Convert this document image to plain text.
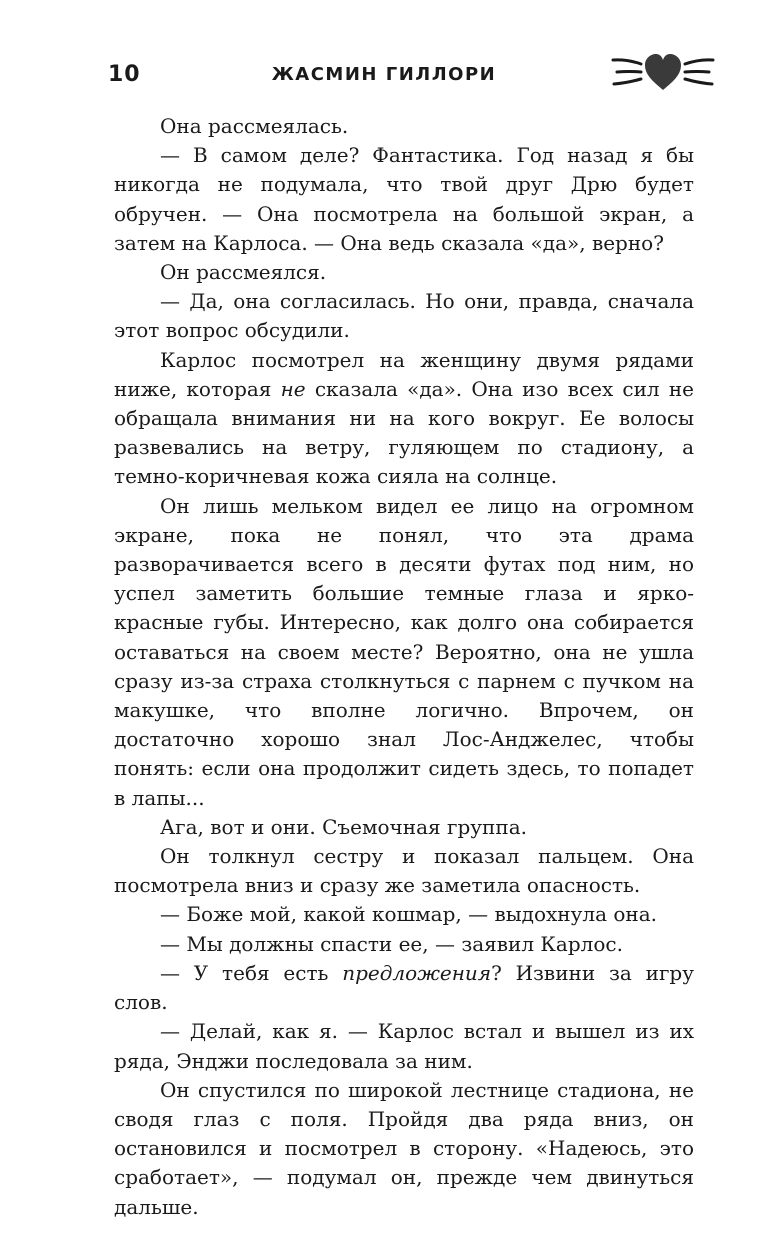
10	ЖАСМИН ГИЛЛОРИ

Она рассмеялась.

— В самом деле? Фантастика. Год назад я бы никогда не подумала, что твой друг Дрю будет обручен. — Она посмотрела на большой экран, а затем на Карлоса. — Она ведь сказала «да», верно?

Он рассмеялся.

— Да, она согласилась. Но они, правда, сначала этот вопрос обсудили.

Карлос посмотрел на женщину двумя рядами ниже, которая не сказала «да». Она изо всех сил не обращала внимания ни на кого вокруг. Ее волосы развевались на ветру, гуляющем по стадиону, а темно-коричневая кожа сияла на солнце.

Он лишь мельком видел ее лицо на огромном экране, пока не понял, что эта драма разворачивается всего в десяти футах под ним, но успел заметить большие темные глаза и ярко-красные губы. Интересно, как долго она собирается оставаться на своем месте? Вероятно, она не ушла сразу из-за страха столкнуться с парнем с пучком на макушке, что вполне логично. Впрочем, он достаточно хорошо знал Лос-Анджелес, чтобы понять: если она продолжит сидеть здесь, то попадет в лапы...

Ага, вот и они. Съемочная группа.

Он толкнул сестру и показал пальцем. Она посмотрела вниз и сразу же заметила опасность.

— Боже мой, какой кошмар, — выдохнула она.

— Мы должны спасти ее, — заявил Карлос.

— У тебя есть предложения? Извини за игру слов.

— Делай, как я. — Карлос встал и вышел из их ряда, Энджи последовала за ним.

Он спустился по широкой лестнице стадиона, не сводя глаз с поля. Пройдя два ряда вниз, он остановился и посмотрел в сторону. «Надеюсь, это сработает», — подумал он, прежде чем двинуться дальше.
